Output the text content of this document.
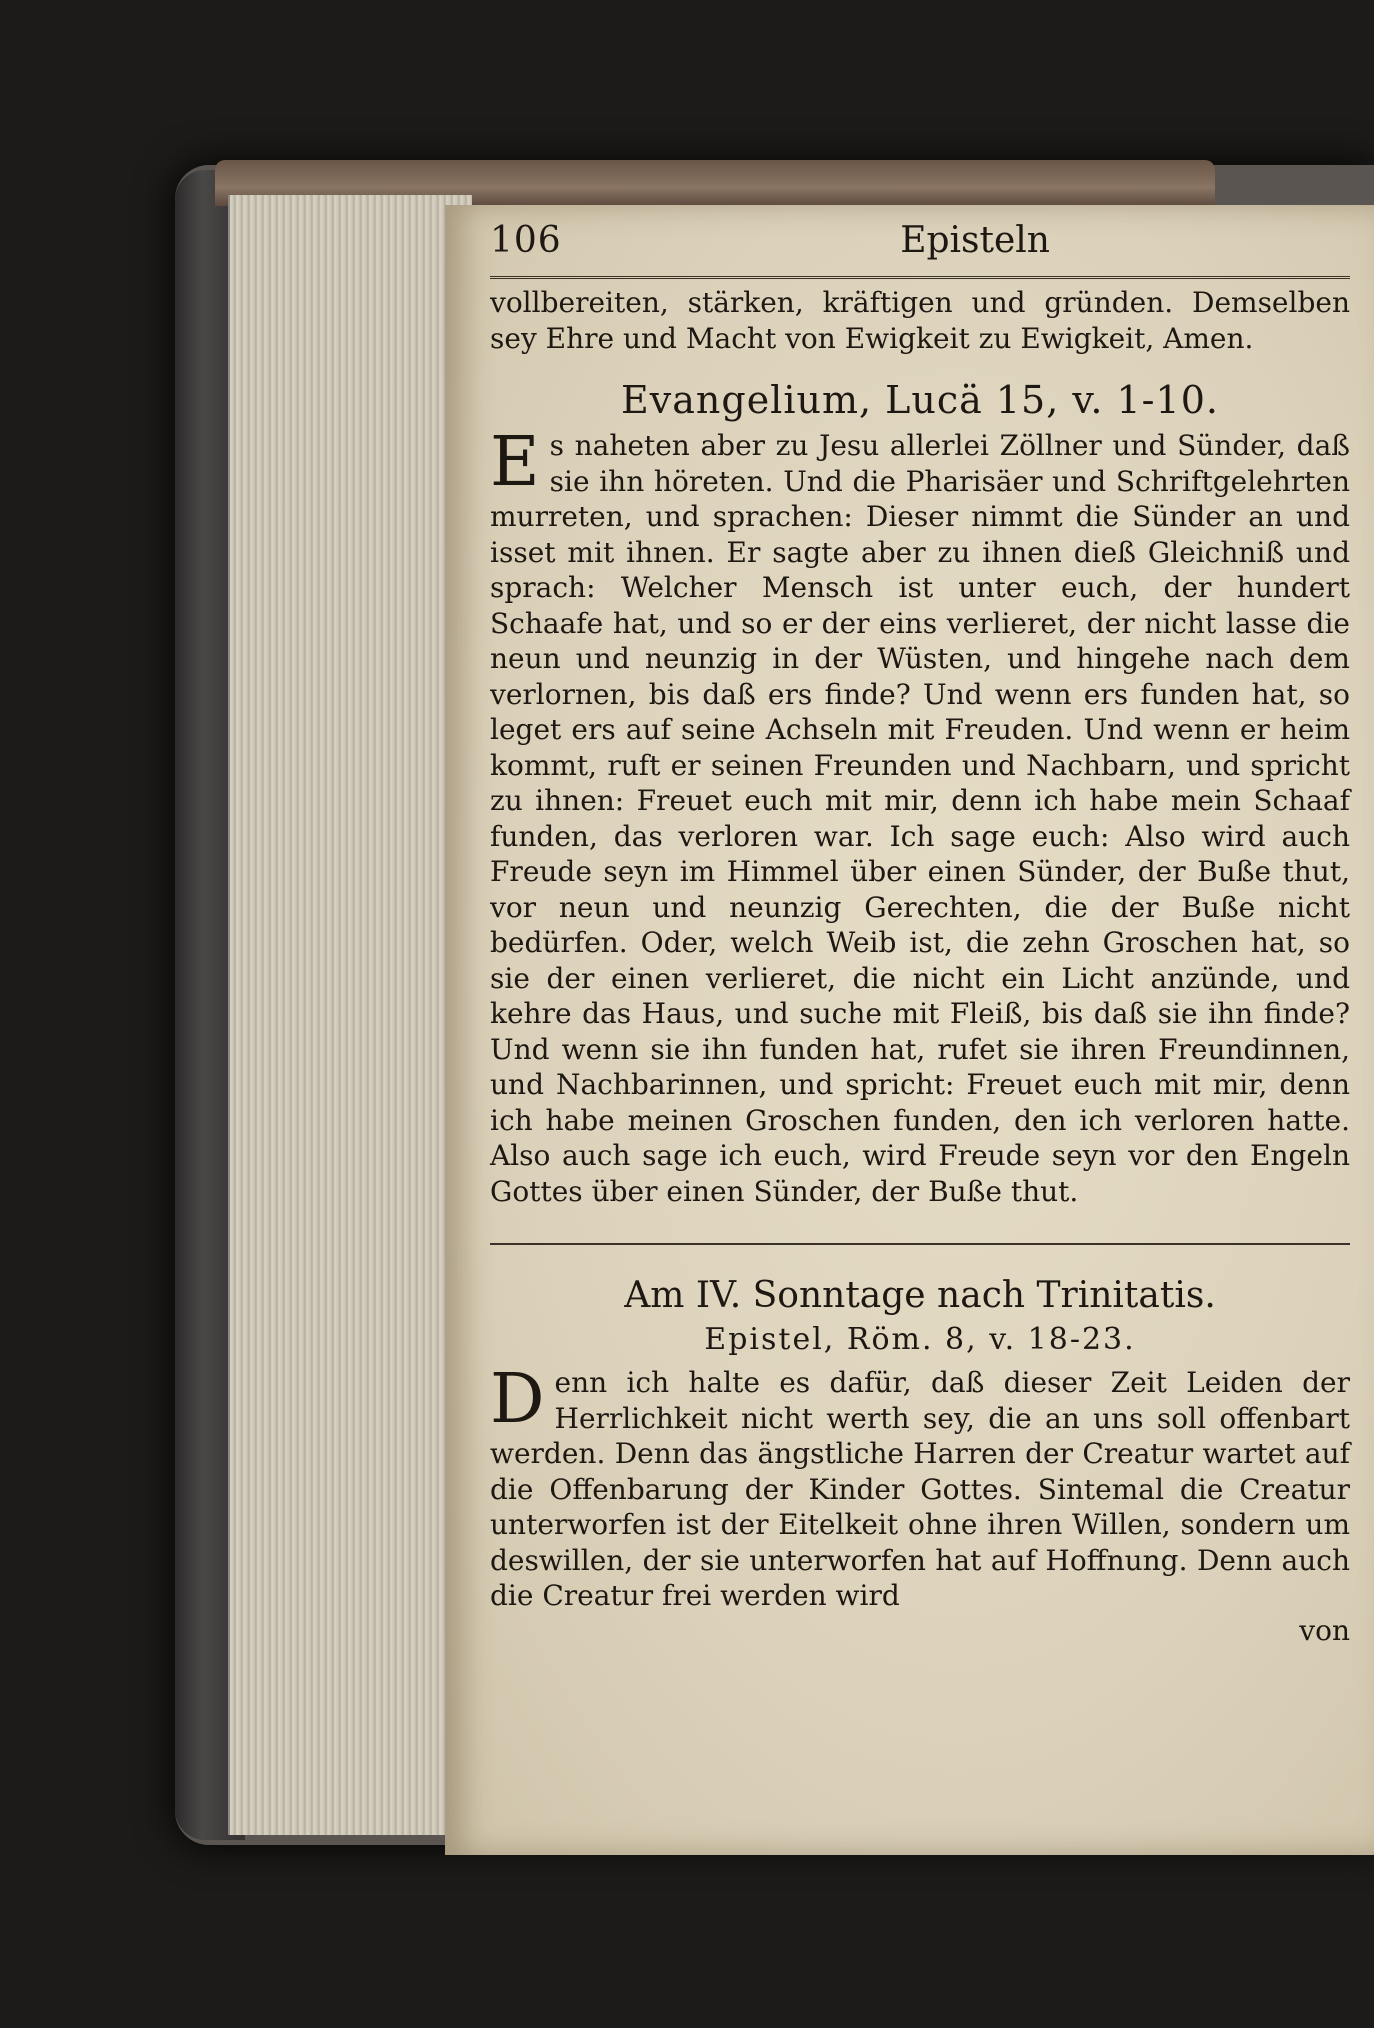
106	Episteln

vollbereiten, stärken, kräftigen und gründen. Demselben sey Ehre und Macht von Ewigkeit zu Ewigkeit, Amen.

Evangelium, Lucä 15, v. 1-10.

Es naheten aber zu Jesu allerlei Zöllner und Sünder, daß sie ihn höreten. Und die Pharisäer und Schriftgelehrten murreten, und sprachen: Dieser nimmt die Sünder an und isset mit ihnen. Er sagte aber zu ihnen dieß Gleichniß und sprach: Welcher Mensch ist unter euch, der hundert Schaafe hat, und so er der eins verlieret, der nicht lasse die neun und neunzig in der Wüsten, und hingehe nach dem verlornen, bis daß ers finde? Und wenn ers funden hat, so leget ers auf seine Achseln mit Freuden. Und wenn er heim kommt, ruft er seinen Freunden und Nachbarn, und spricht zu ihnen: Freuet euch mit mir, denn ich habe mein Schaaf funden, das verloren war. Ich sage euch: Also wird auch Freude seyn im Himmel über einen Sünder, der Buße thut, vor neun und neunzig Gerechten, die der Buße nicht bedürfen. Oder, welch Weib ist, die zehn Groschen hat, so sie der einen verlieret, die nicht ein Licht anzünde, und kehre das Haus, und suche mit Fleiß, bis daß sie ihn finde? Und wenn sie ihn funden hat, rufet sie ihren Freundinnen, und Nachbarinnen, und spricht: Freuet euch mit mir, denn ich habe meinen Groschen funden, den ich verloren hatte. Also auch sage ich euch, wird Freude seyn vor den Engeln Gottes über einen Sünder, der Buße thut.

Am IV. Sonntage nach Trinitatis.
Epistel, Röm. 8, v. 18-23.

Denn ich halte es dafür, daß dieser Zeit Leiden der Herrlichkeit nicht werth sey, die an uns soll offenbart werden. Denn das ängstliche Harren der Creatur wartet auf die Offenbarung der Kinder Gottes. Sintemal die Creatur unterworfen ist der Eitelkeit ohne ihren Willen, sondern um deswillen, der sie unterworfen hat auf Hoffnung. Denn auch die Creatur frei werden wird

von
